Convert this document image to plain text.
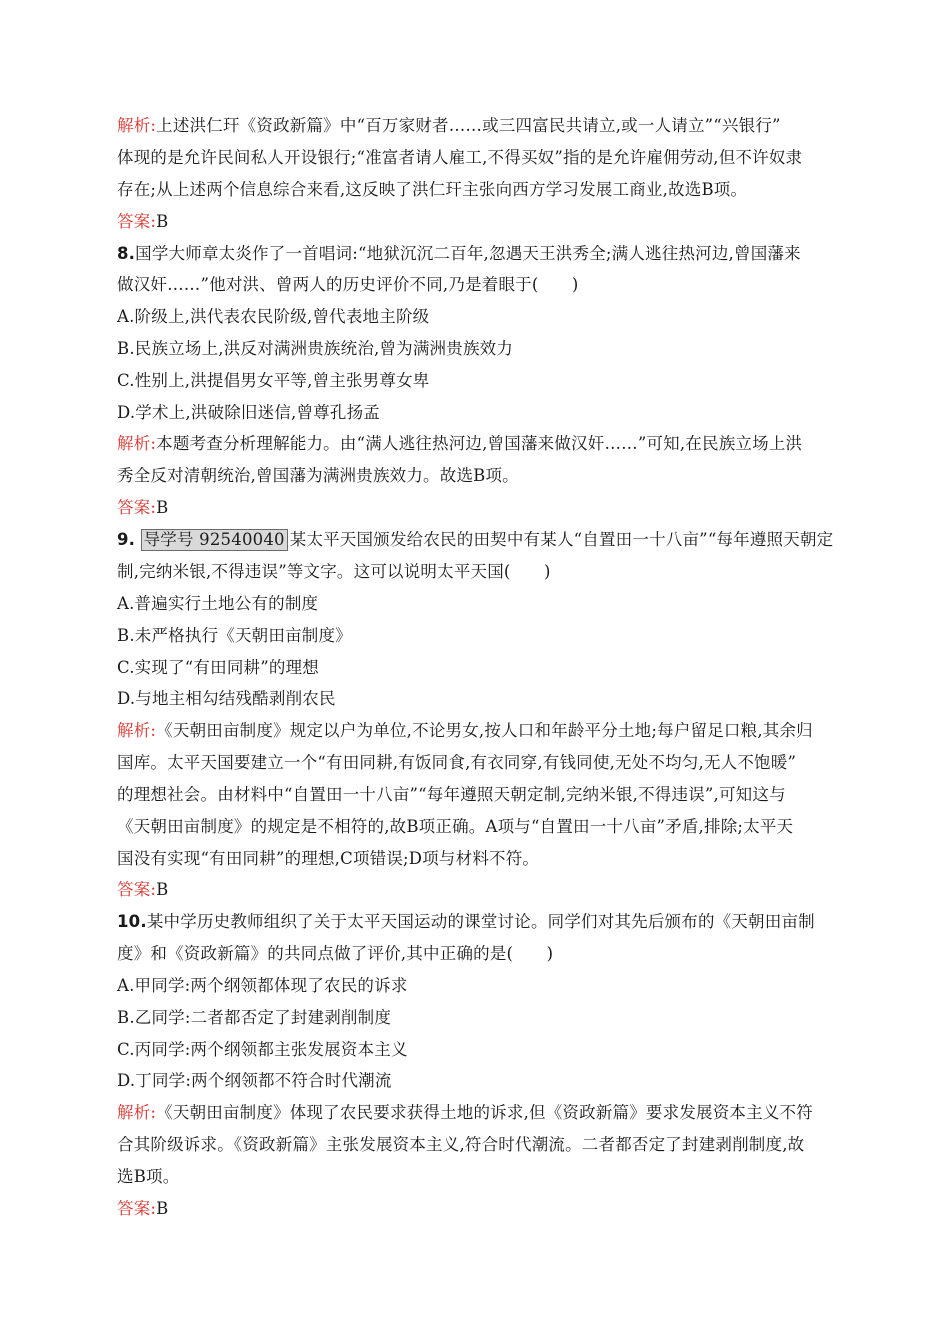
解析:上述洪仁玕《资政新篇》中“百万家财者……或三四富民共请立,或一人请立”“兴银行”
体现的是允许民间私人开设银行;“准富者请人雇工,不得买奴”指的是允许雇佣劳动,但不许奴隶
存在;从上述两个信息综合来看,这反映了洪仁玕主张向西方学习发展工商业,故选B项。
答案:B
8.国学大师章太炎作了一首唱词:“地狱沉沉二百年,忽遇天王洪秀全;满人逃往热河边,曾国藩来
做汉奸……”他对洪、曾两人的历史评价不同,乃是着眼于(　　)
A.阶级上,洪代表农民阶级,曾代表地主阶级
B.民族立场上,洪反对满洲贵族统治,曾为满洲贵族效力
C.性别上,洪提倡男女平等,曾主张男尊女卑
D.学术上,洪破除旧迷信,曾尊孔扬孟
解析:本题考查分析理解能力。由“满人逃往热河边,曾国藩来做汉奸……”可知,在民族立场上洪
秀全反对清朝统治,曾国藩为满洲贵族效力。故选B项。
答案:B
9. 导学号 92540040 某太平天国颁发给农民的田契中有某人“自置田一十八亩”“每年遵照天朝定
制,完纳米银,不得违误”等文字。这可以说明太平天国(　　)
A.普遍实行土地公有的制度
B.未严格执行《天朝田亩制度》
C.实现了“有田同耕”的理想
D.与地主相勾结残酷剥削农民
解析:《天朝田亩制度》规定以户为单位,不论男女,按人口和年龄平分土地;每户留足口粮,其余归
国库。太平天国要建立一个“有田同耕,有饭同食,有衣同穿,有钱同使,无处不均匀,无人不饱暖”
的理想社会。由材料中“自置田一十八亩”“每年遵照天朝定制,完纳米银,不得违误”,可知这与
《天朝田亩制度》的规定是不相符的,故B项正确。A项与“自置田一十八亩”矛盾,排除;太平天
国没有实现“有田同耕”的理想,C项错误;D项与材料不符。
答案:B
10.某中学历史教师组织了关于太平天国运动的课堂讨论。同学们对其先后颁布的《天朝田亩制
度》和《资政新篇》的共同点做了评价,其中正确的是(　　)
A.甲同学:两个纲领都体现了农民的诉求
B.乙同学:二者都否定了封建剥削制度
C.丙同学:两个纲领都主张发展资本主义
D.丁同学:两个纲领都不符合时代潮流
解析:《天朝田亩制度》体现了农民要求获得土地的诉求,但《资政新篇》要求发展资本主义不符
合其阶级诉求。《资政新篇》主张发展资本主义,符合时代潮流。二者都否定了封建剥削制度,故
选B项。
答案:B
